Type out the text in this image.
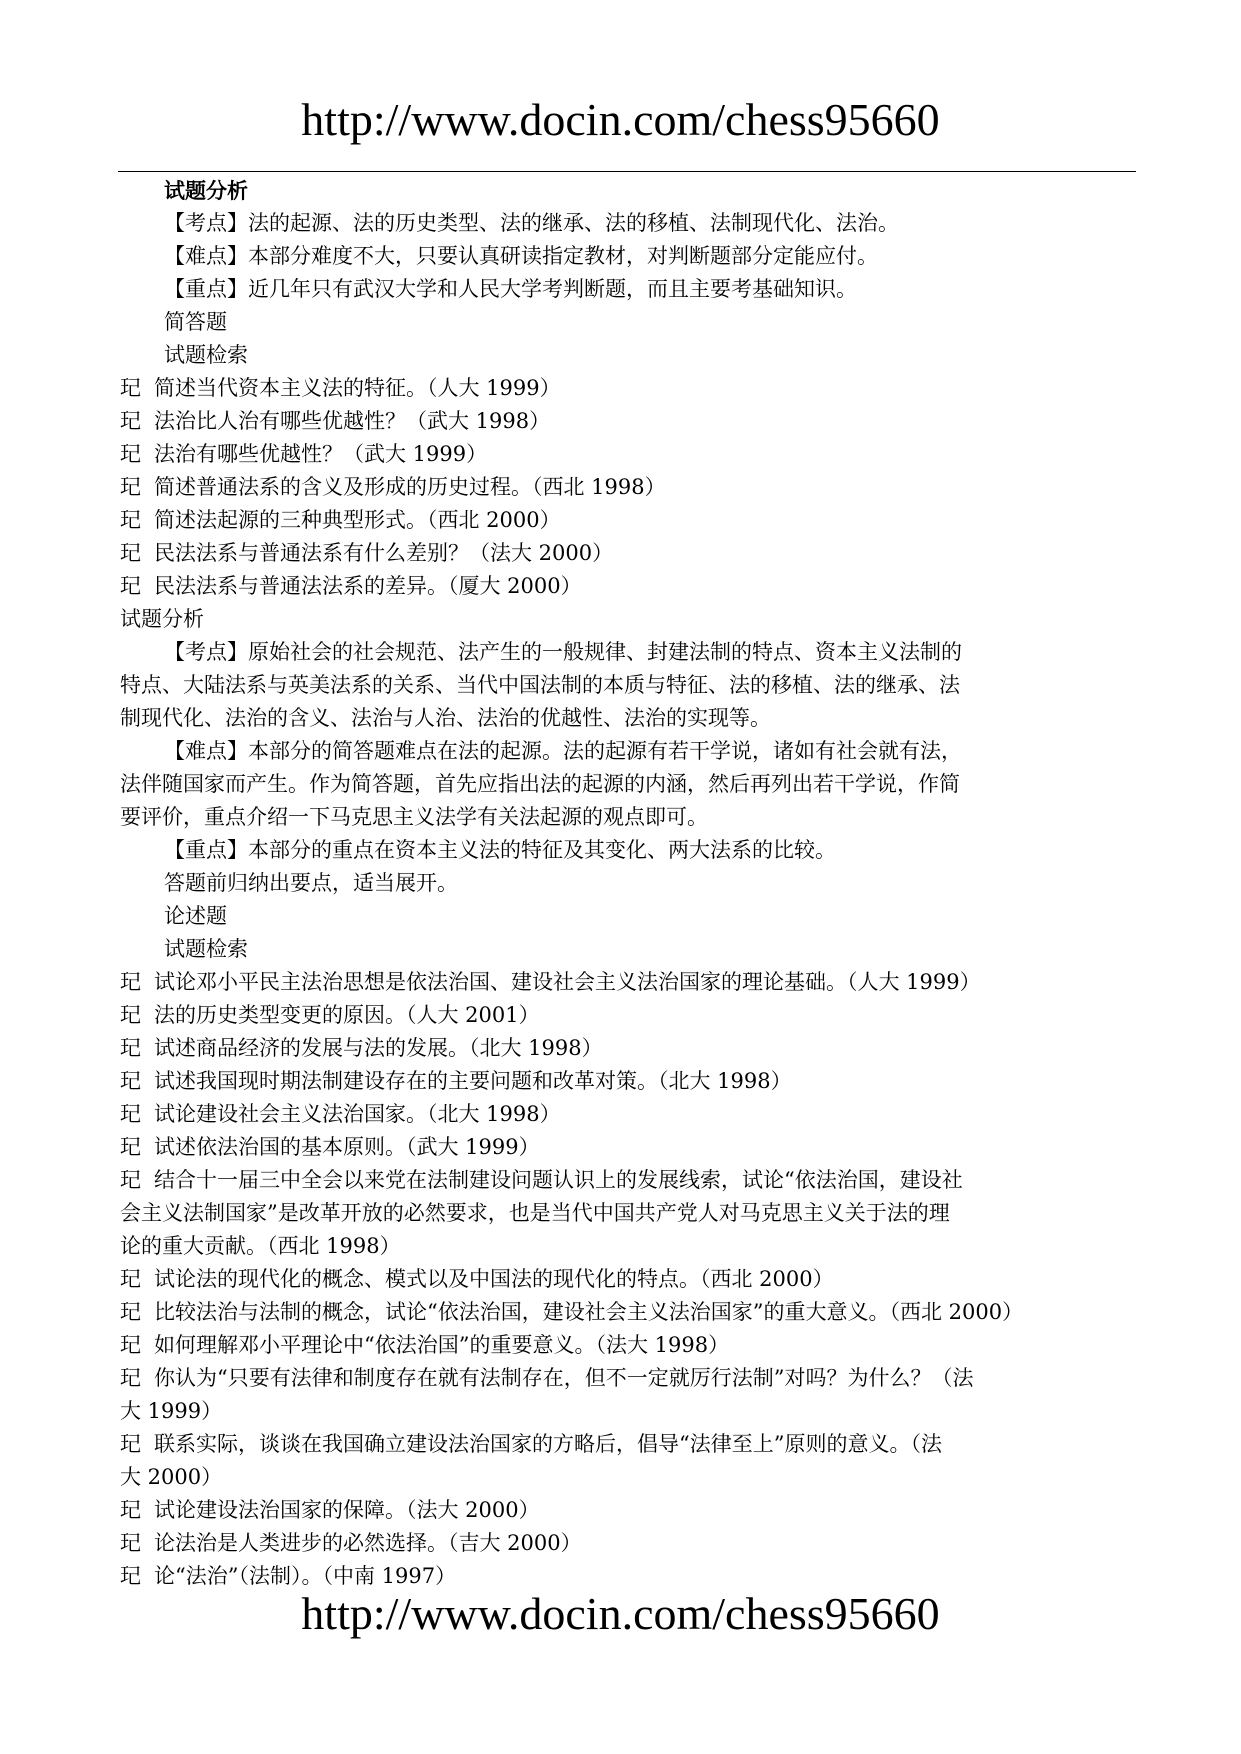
http://www.docin.com/chess95660
试题分析
【考点】法的起源、法的历史类型、法的继承、法的移植、法制现代化、法治。
【难点】本部分难度不大，只要认真研读指定教材，对判断题部分定能应付。
【重点】近几年只有武汉大学和人民大学考判断题，而且主要考基础知识。
简答题
试题检索
玘 简述当代资本主义法的特征。（人大 1999）
玘 法治比人治有哪些优越性？（武大 1998）
玘 法治有哪些优越性？（武大 1999）
玘 简述普通法系的含义及形成的历史过程。（西北 1998）
玘 简述法起源的三种典型形式。（西北 2000）
玘 民法法系与普通法系有什么差别？（法大 2000）
玘 民法法系与普通法法系的差异。（厦大 2000）
试题分析
【考点】原始社会的社会规范、法产生的一般规律、封建法制的特点、资本主义法制的
特点、大陆法系与英美法系的关系、当代中国法制的本质与特征、法的移植、法的继承、法
制现代化、法治的含义、法治与人治、法治的优越性、法治的实现等。
【难点】本部分的简答题难点在法的起源。法的起源有若干学说，诸如有社会就有法，
法伴随国家而产生。作为简答题，首先应指出法的起源的内涵，然后再列出若干学说，作简
要评价，重点介绍一下马克思主义法学有关法起源的观点即可。
【重点】本部分的重点在资本主义法的特征及其变化、两大法系的比较。
答题前归纳出要点，适当展开。
论述题
试题检索
玘 试论邓小平民主法治思想是依法治国、建设社会主义法治国家的理论基础。（人大 1999）
玘 法的历史类型变更的原因。（人大 2001）
玘 试述商品经济的发展与法的发展。（北大 1998）
玘 试述我国现时期法制建设存在的主要问题和改革对策。（北大 1998）
玘 试论建设社会主义法治国家。（北大 1998）
玘 试述依法治国的基本原则。（武大 1999）
玘 结合十一届三中全会以来党在法制建设问题认识上的发展线索，试论“依法治国，建设社
会主义法制国家”是改革开放的必然要求，也是当代中国共产党人对马克思主义关于法的理
论的重大贡献。（西北 1998）
玘 试论法的现代化的概念、模式以及中国法的现代化的特点。（西北 2000）
玘 比较法治与法制的概念，试论“依法治国，建设社会主义法治国家”的重大意义。（西北 2000）
玘 如何理解邓小平理论中“依法治国”的重要意义。（法大 1998）
玘 你认为“只要有法律和制度存在就有法制存在，但不一定就厉行法制”对吗？为什么？（法
大 1999）
玘 联系实际，谈谈在我国确立建设法治国家的方略后，倡导“法律至上”原则的意义。（法
大 2000）
玘 试论建设法治国家的保障。（法大 2000）
玘 论法治是人类进步的必然选择。（吉大 2000）
玘 论“法治”（法制）。（中南 1997）
http://www.docin.com/chess95660
